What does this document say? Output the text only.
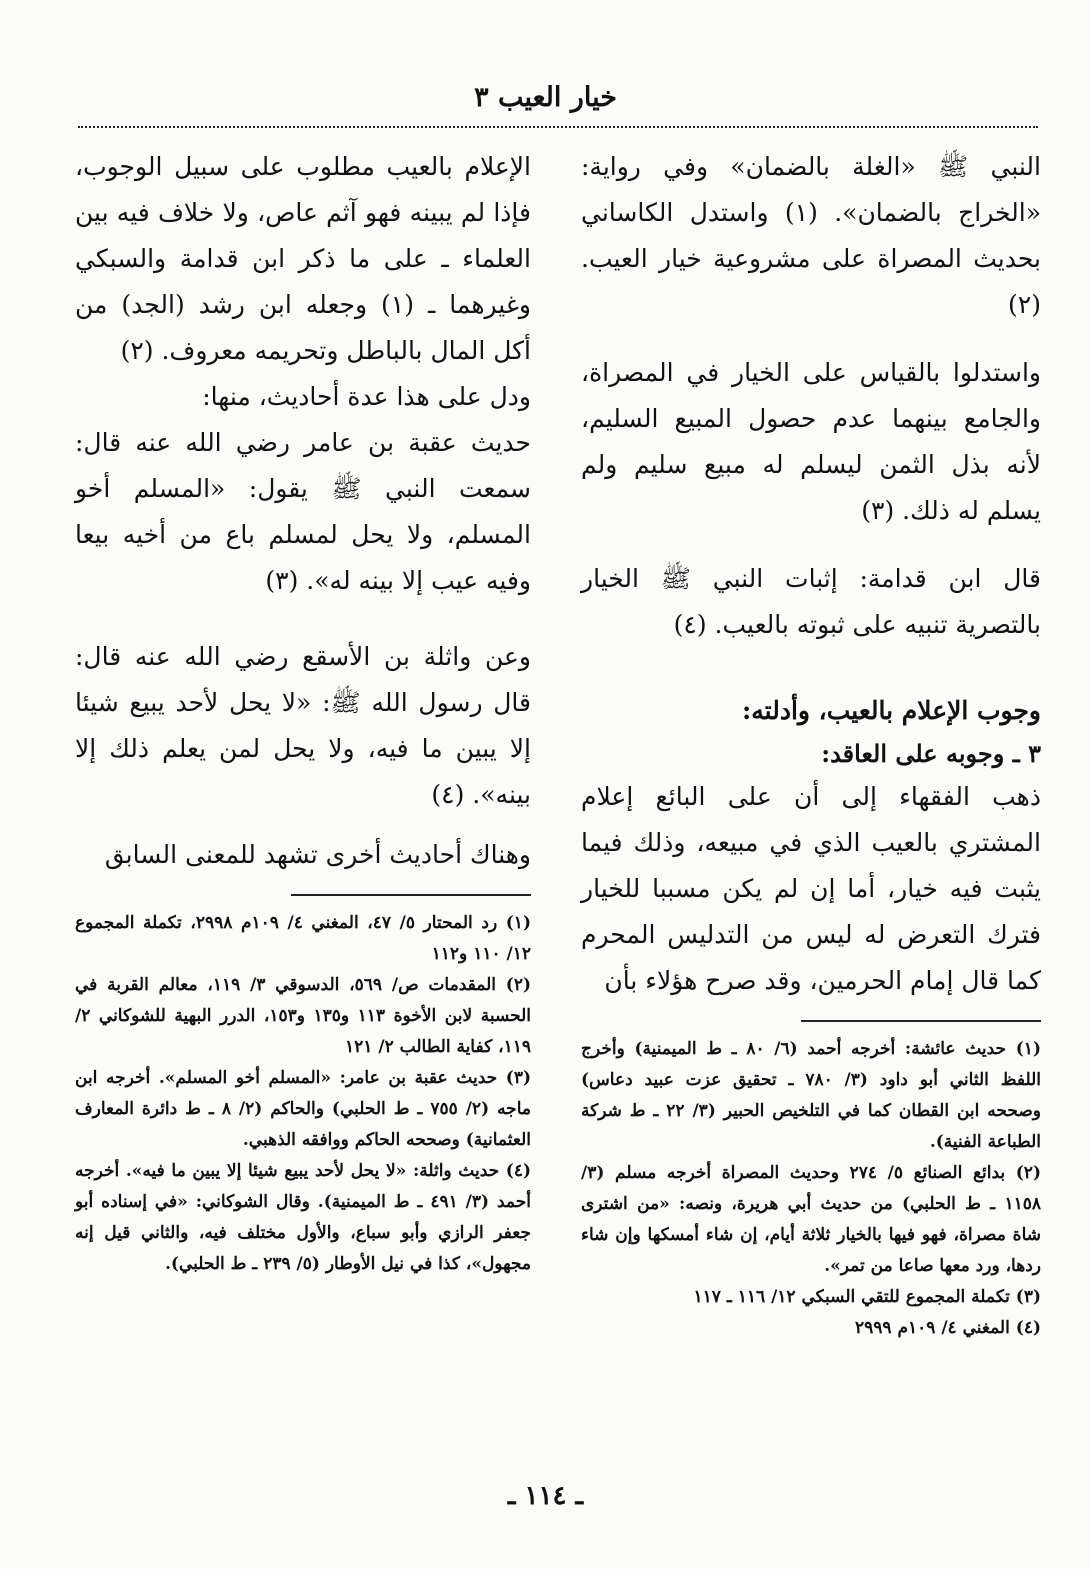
خيار العيب ٣

النبي ﷺ «الغلة بالضمان» وفي رواية: «الخراج بالضمان». (١) واستدل الكاساني بحديث المصراة على مشروعية خيار العيب. (٢)

واستدلوا بالقياس على الخيار في المصراة، والجامع بينهما عدم حصول المبيع السليم، لأنه بذل الثمن ليسلم له مبيع سليم ولم يسلم له ذلك. (٣)

قال ابن قدامة: إثبات النبي ﷺ الخيار بالتصرية تنبيه على ثبوته بالعيب. (٤)

وجوب الإعلام بالعيب، وأدلته:

٣ ـ وجوبه على العاقد:

ذهب الفقهاء إلى أن على البائع إعلام المشتري بالعيب الذي في مبيعه، وذلك فيما يثبت فيه خيار، أما إن لم يكن مسببا للخيار فترك التعرض له ليس من التدليس المحرم كما قال إمام الحرمين، وقد صرح هؤلاء بأن

(١) حديث عائشة: أخرجه أحمد (٦/ ٨٠ ـ ط الميمنية) وأخرج اللفظ الثاني أبو داود (٣/ ٧٨٠ ـ تحقيق عزت عبيد دعاس) وصححه ابن القطان كما في التلخيص الحبير (٣/ ٢٢ ـ ط شركة الطباعة الفنية).

(٢) بدائع الصنائع ٥/ ٢٧٤ وحديث المصراة أخرجه مسلم (٣/ ١١٥٨ ـ ط الحلبي) من حديث أبي هريرة، ونصه: «من اشترى شاة مصراة، فهو فيها بالخيار ثلاثة أيام، إن شاء أمسكها وإن شاء ردها، ورد معها صاعا من تمر».

(٣) تكملة المجموع للتقي السبكي ١٢/ ١١٦ ـ ١١٧

(٤) المغني ٤/ ١٠٩م ٢٩٩٩

الإعلام بالعيب مطلوب على سبيل الوجوب، فإذا لم يبينه فهو آثم عاص، ولا خلاف فيه بين العلماء ـ على ما ذكر ابن قدامة والسبكي وغيرهما ـ (١) وجعله ابن رشد (الجد) من أكل المال بالباطل وتحريمه معروف. (٢)

ودل على هذا عدة أحاديث، منها:

حديث عقبة بن عامر رضي الله عنه قال: سمعت النبي ﷺ يقول: «المسلم أخو المسلم، ولا يحل لمسلم باع من أخيه بيعا وفيه عيب إلا بينه له». (٣)

وعن واثلة بن الأسقع رضي الله عنه قال: قال رسول الله ﷺ: «لا يحل لأحد يبيع شيئا إلا يبين ما فيه، ولا يحل لمن يعلم ذلك إلا بينه». (٤)

وهناك أحاديث أخرى تشهد للمعنى السابق

(١) رد المحتار ٥/ ٤٧، المغني ٤/ ١٠٩م ٢٩٩٨، تكملة المجموع ١٢/ ١١٠ و١١٢

(٢) المقدمات ص/ ٥٦٩، الدسوقي ٣/ ١١٩، معالم القربة في الحسبة لابن الأخوة ١١٣ و١٣٥ و١٥٣، الدرر البهية للشوكاني ٢/ ١١٩، كفاية الطالب ٢/ ١٢١

(٣) حديث عقبة بن عامر: «المسلم أخو المسلم». أخرجه ابن ماجه (٢/ ٧٥٥ ـ ط الحلبي) والحاكم (٢/ ٨ ـ ط دائرة المعارف العثمانية) وصححه الحاكم ووافقه الذهبي.

(٤) حديث واثلة: «لا يحل لأحد يبيع شيئا إلا يبين ما فيه». أخرجه أحمد (٣/ ٤٩١ ـ ط الميمنية). وقال الشوكاني: «في إسناده أبو جعفر الرازي وأبو سباع، والأول مختلف فيه، والثاني قيل إنه مجهول»، كذا في نيل الأوطار (٥/ ٢٣٩ ـ ط الحلبي).

ـ ١١٤ ـ
